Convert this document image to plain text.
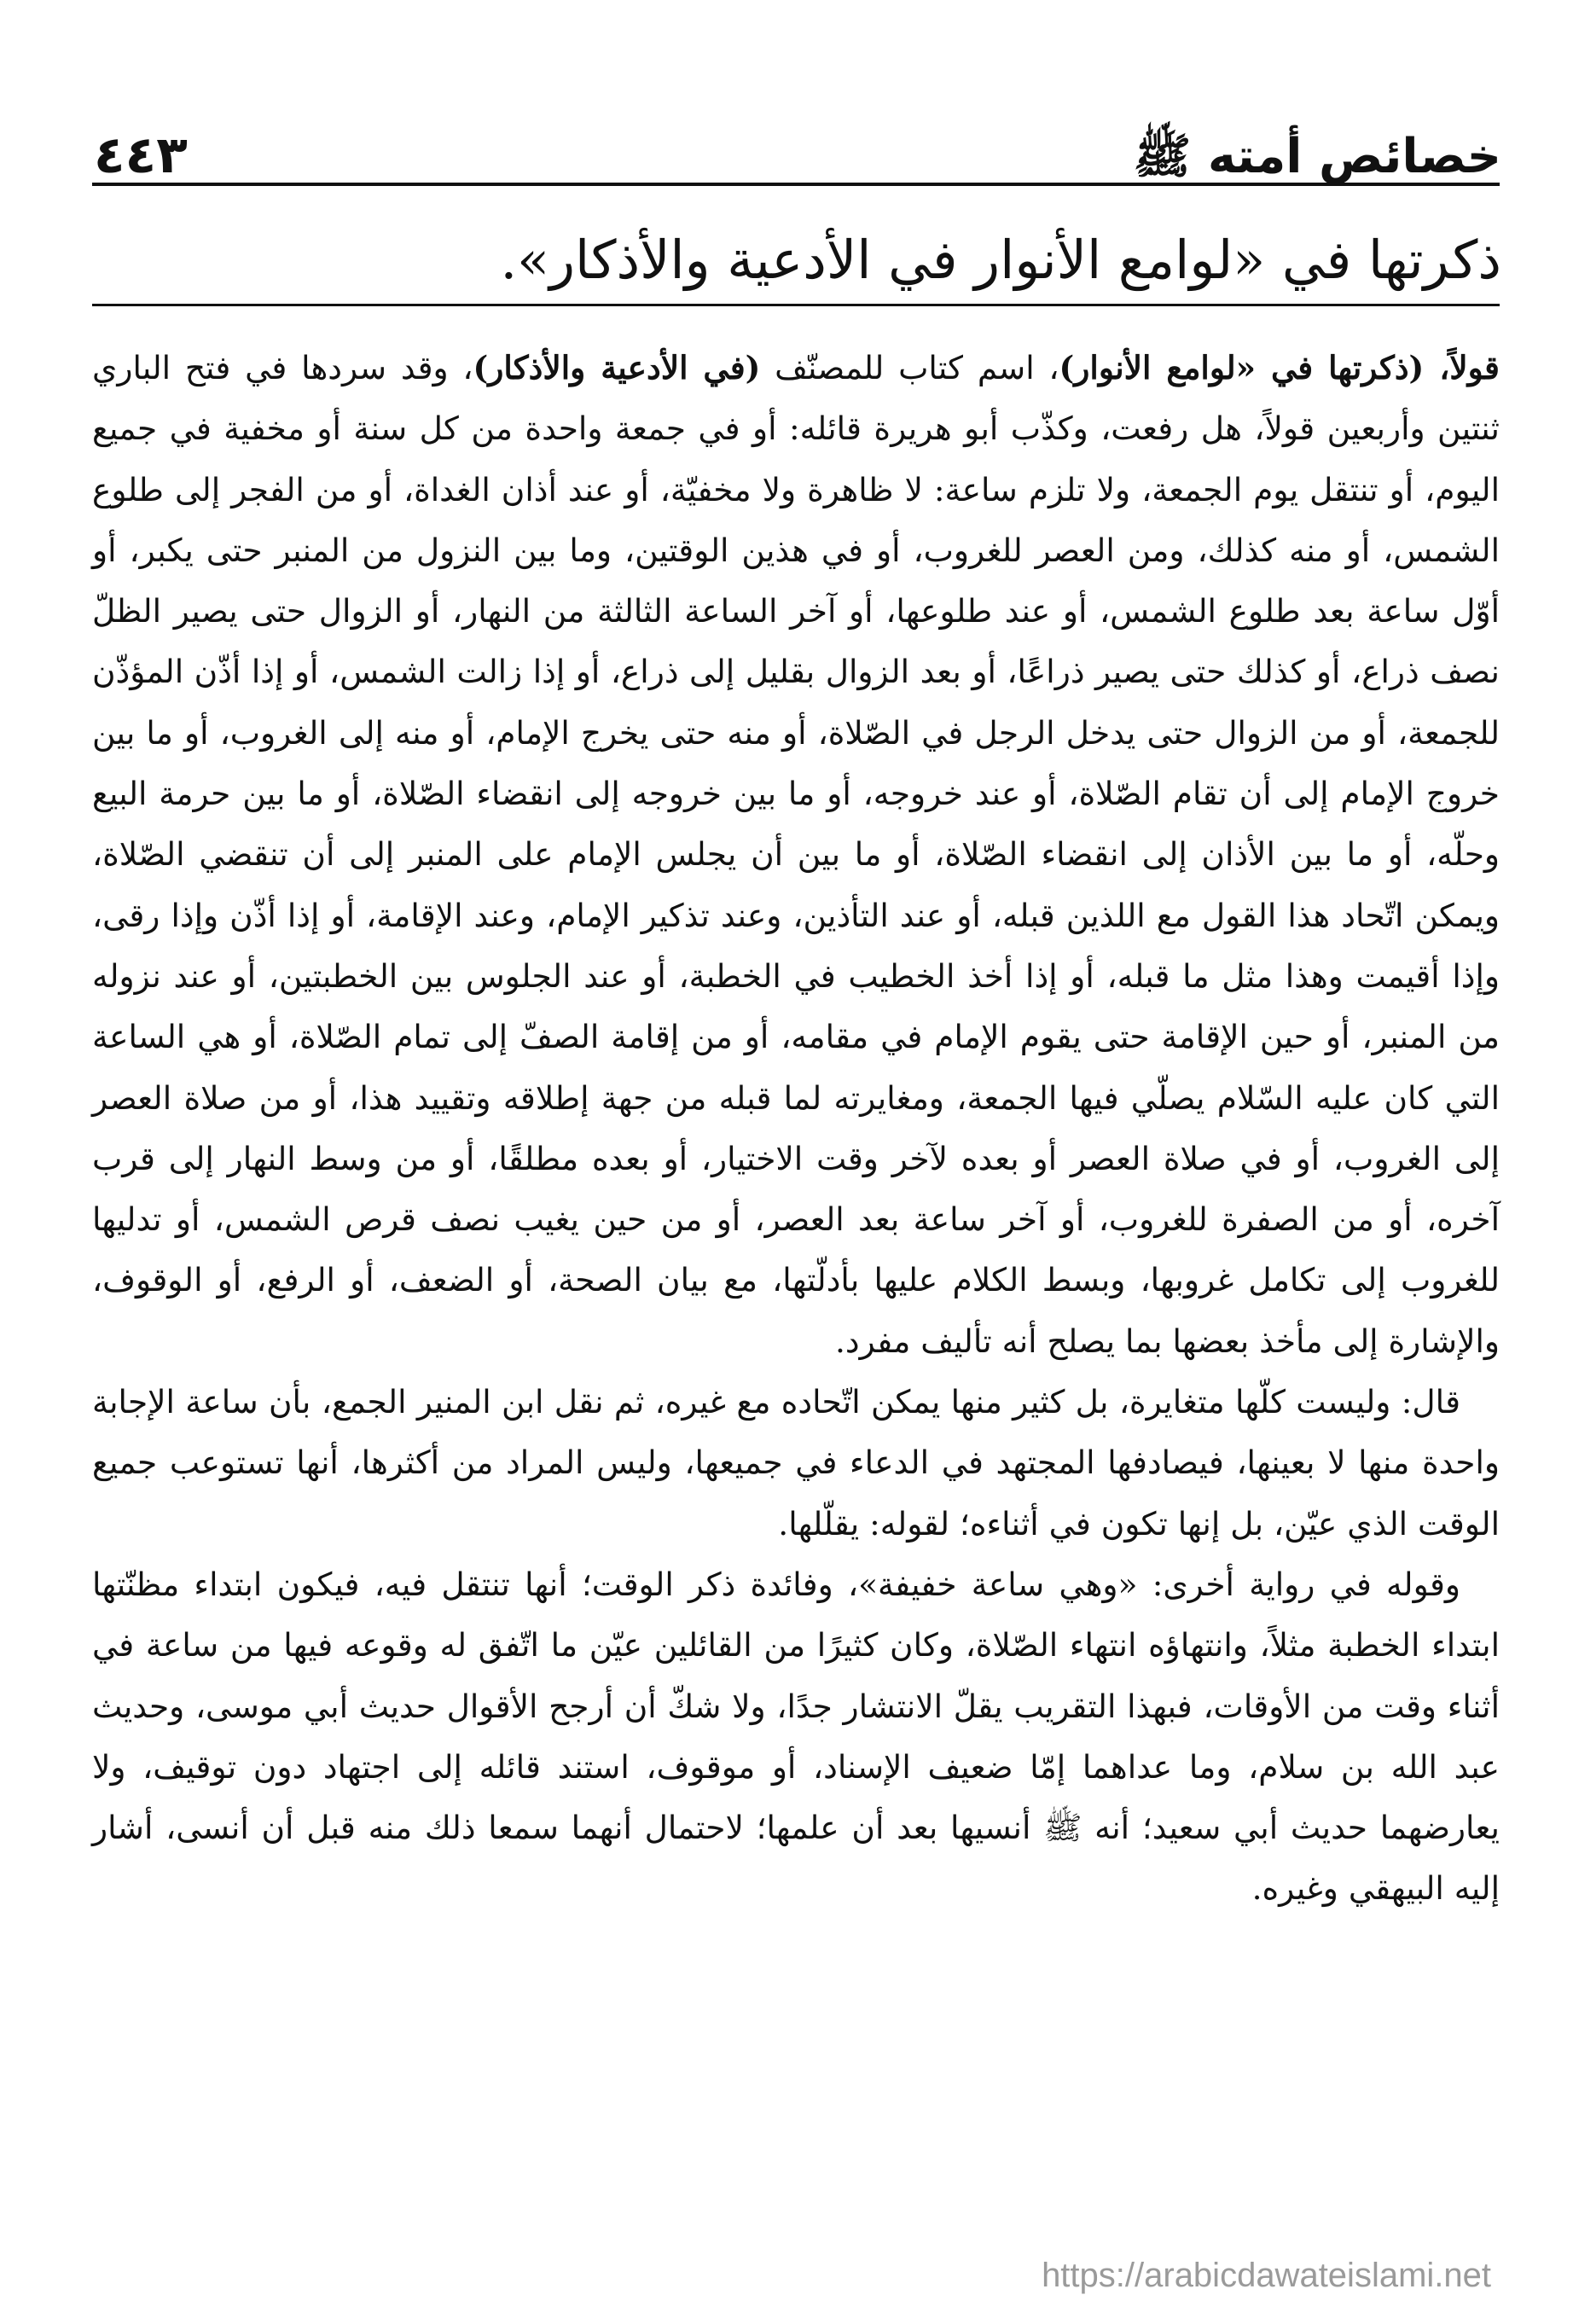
٤٤٣	خصائص أمته ﷺ
ذكرتها في «لوامع الأنوار في الأدعية والأذكار».

قولاً، (ذكرتها في «لوامع الأنوار)، اسم كتاب للمصنّف (في الأدعية والأذكار)، وقد سردها في فتح الباري ثنتين وأربعين قولاً، هل رفعت، وكذّب أبو هريرة قائله: أو في جمعة واحدة من كل سنة أو مخفية في جميع اليوم، أو تنتقل يوم الجمعة، ولا تلزم ساعة: لا ظاهرة ولا مخفيّة، أو عند أذان الغداة، أو من الفجر إلى طلوع الشمس، أو منه كذلك، ومن العصر للغروب، أو في هذين الوقتين، وما بين النزول من المنبر حتى يكبر، أو أوّل ساعة بعد طلوع الشمس، أو عند طلوعها، أو آخر الساعة الثالثة من النهار، أو الزوال حتى يصير الظلّ نصف ذراع، أو كذلك حتى يصير ذراعًا، أو بعد الزوال بقليل إلى ذراع، أو إذا زالت الشمس، أو إذا أذّن المؤذّن للجمعة، أو من الزوال حتى يدخل الرجل في الصّلاة، أو منه حتى يخرج الإمام، أو منه إلى الغروب، أو ما بين خروج الإمام إلى أن تقام الصّلاة، أو عند خروجه، أو ما بين خروجه إلى انقضاء الصّلاة، أو ما بين حرمة البيع وحلّه، أو ما بين الأذان إلى انقضاء الصّلاة، أو ما بين أن يجلس الإمام على المنبر إلى أن تنقضي الصّلاة، ويمكن اتّحاد هذا القول مع اللذين قبله، أو عند التأذين، وعند تذكير الإمام، وعند الإقامة، أو إذا أذّن وإذا رقى، وإذا أقيمت وهذا مثل ما قبله، أو إذا أخذ الخطيب في الخطبة، أو عند الجلوس بين الخطبتين، أو عند نزوله من المنبر، أو حين الإقامة حتى يقوم الإمام في مقامه، أو من إقامة الصفّ إلى تمام الصّلاة، أو هي الساعة التي كان عليه السّلام يصلّي فيها الجمعة، ومغايرته لما قبله من جهة إطلاقه وتقييد هذا، أو من صلاة العصر إلى الغروب، أو في صلاة العصر أو بعده لآخر وقت الاختيار، أو بعده مطلقًا، أو من وسط النهار إلى قرب آخره، أو من الصفرة للغروب، أو آخر ساعة بعد العصر، أو من حين يغيب نصف قرص الشمس، أو تدليها للغروب إلى تكامل غروبها، وبسط الكلام عليها بأدلّتها، مع بيان الصحة، أو الضعف، أو الرفع، أو الوقوف، والإشارة إلى مأخذ بعضها بما يصلح أنه تأليف مفرد.

قال: وليست كلّها متغايرة، بل كثير منها يمكن اتّحاده مع غيره، ثم نقل ابن المنير الجمع، بأن ساعة الإجابة واحدة منها لا بعينها، فيصادفها المجتهد في الدعاء في جميعها، وليس المراد من أكثرها، أنها تستوعب جميع الوقت الذي عيّن، بل إنها تكون في أثناءه؛ لقوله: يقلّلها.

وقوله في رواية أخرى: «وهي ساعة خفيفة»، وفائدة ذكر الوقت؛ أنها تنتقل فيه، فيكون ابتداء مظنّتها ابتداء الخطبة مثلاً، وانتهاؤه انتهاء الصّلاة، وكان كثيرًا من القائلين عيّن ما اتّفق له وقوعه فيها من ساعة في أثناء وقت من الأوقات، فبهذا التقريب يقلّ الانتشار جدًا، ولا شكّ أن أرجح الأقوال حديث أبي موسى، وحديث عبد الله بن سلام، وما عداهما إمّا ضعيف الإسناد، أو موقوف، استند قائله إلى اجتهاد دون توقيف، ولا يعارضهما حديث أبي سعيد؛ أنه ﷺ أنسيها بعد أن علمها؛ لاحتمال أنهما سمعا ذلك منه قبل أن أنسى، أشار إليه البيهقي وغيره.

https://arabicdawateislami.net
